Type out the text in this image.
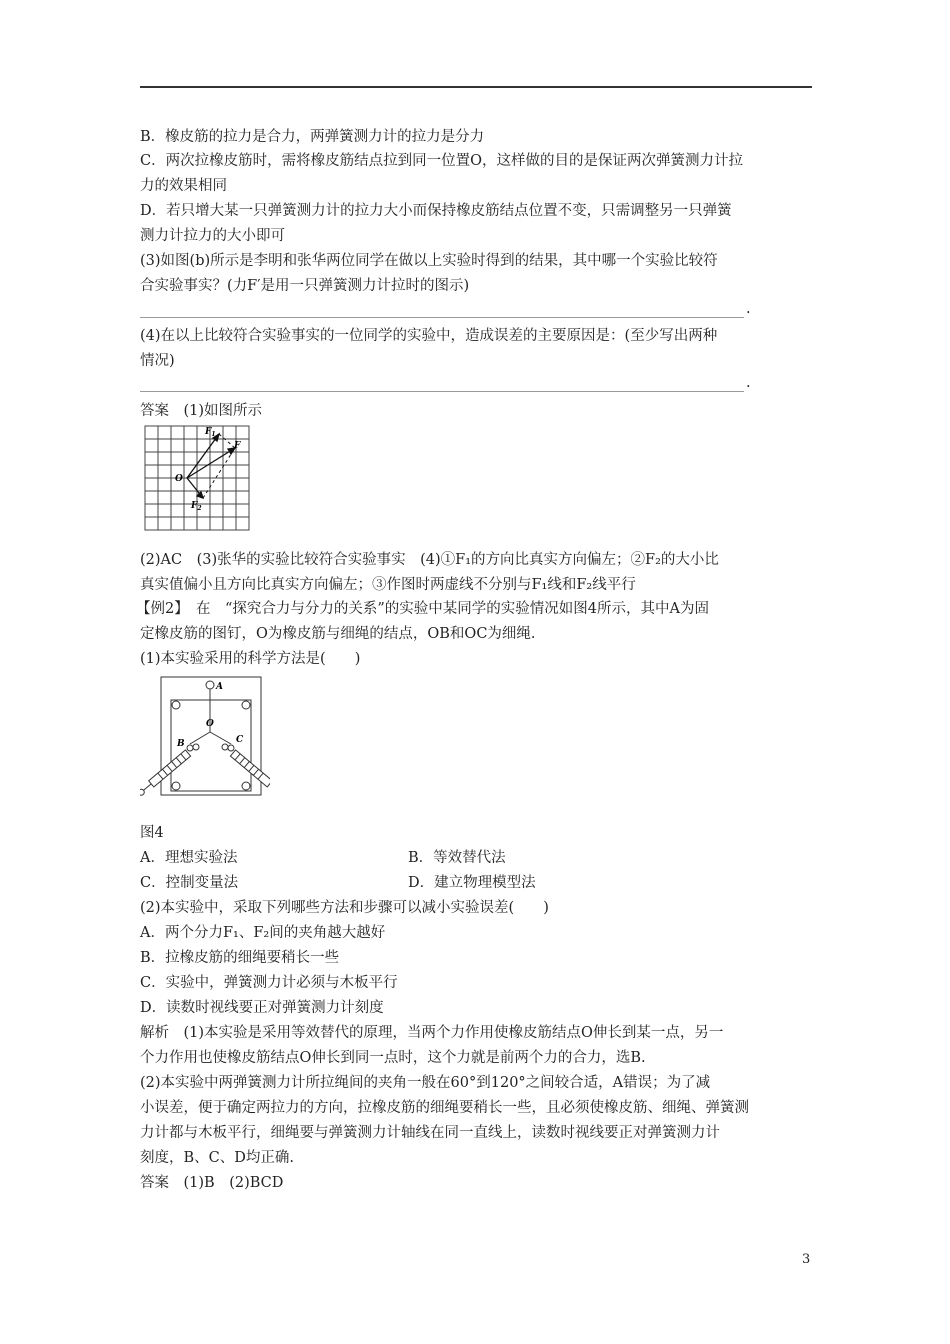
B．橡皮筋的拉力是合力，两弹簧测力计的拉力是分力
C．两次拉橡皮筋时，需将橡皮筋结点拉到同一位置O，这样做的目的是保证两次弹簧测力计拉
力的效果相同
D．若只增大某一只弹簧测力计的拉力大小而保持橡皮筋结点位置不变，只需调整另一只弹簧
测力计拉力的大小即可
(3)如图(b)所示是李明和张华两位同学在做以上实验时得到的结果，其中哪一个实验比较符
合实验事实？(力F′是用一只弹簧测力计拉时的图示)
.
(4)在以上比较符合实验事实的一位同学的实验中，造成误差的主要原因是：(至少写出两种
情况)
.
答案　(1)如图所示
$F_1$
F
O
$F_2$
(2)AC　(3)张华的实验比较符合实验事实　(4)①F₁的方向比真实方向偏左；②F₂的大小比
真实值偏小且方向比真实方向偏左；③作图时两虚线不分别与F₁线和F₂线平行
【例2】　在　“探究合力与分力的关系”的实验中某同学的实验情况如图4所示，其中A为固
定橡皮筋的图钉，O为橡皮筋与细绳的结点，OB和OC为细绳.
(1)本实验采用的科学方法是(　　)
A
O
B	C
图4
A．理想实验法	B．等效替代法
C．控制变量法	D．建立物理模型法
(2)本实验中，采取下列哪些方法和步骤可以减小实验误差(　　)
A．两个分力F₁、F₂间的夹角越大越好
B．拉橡皮筋的细绳要稍长一些
C．实验中，弹簧测力计必须与木板平行
D．读数时视线要正对弹簧测力计刻度
解析　(1)本实验是采用等效替代的原理，当两个力作用使橡皮筋结点O伸长到某一点，另一
个力作用也使橡皮筋结点O伸长到同一点时，这个力就是前两个力的合力，选B.
(2)本实验中两弹簧测力计所拉绳间的夹角一般在60°到120°之间较合适，A错误；为了减
小误差，便于确定两拉力的方向，拉橡皮筋的细绳要稍长一些，且必须使橡皮筋、细绳、弹簧测
力计都与木板平行，细绳要与弹簧测力计轴线在同一直线上，读数时视线要正对弹簧测力计
刻度，B、C、D均正确.
答案　(1)B　(2)BCD
3
